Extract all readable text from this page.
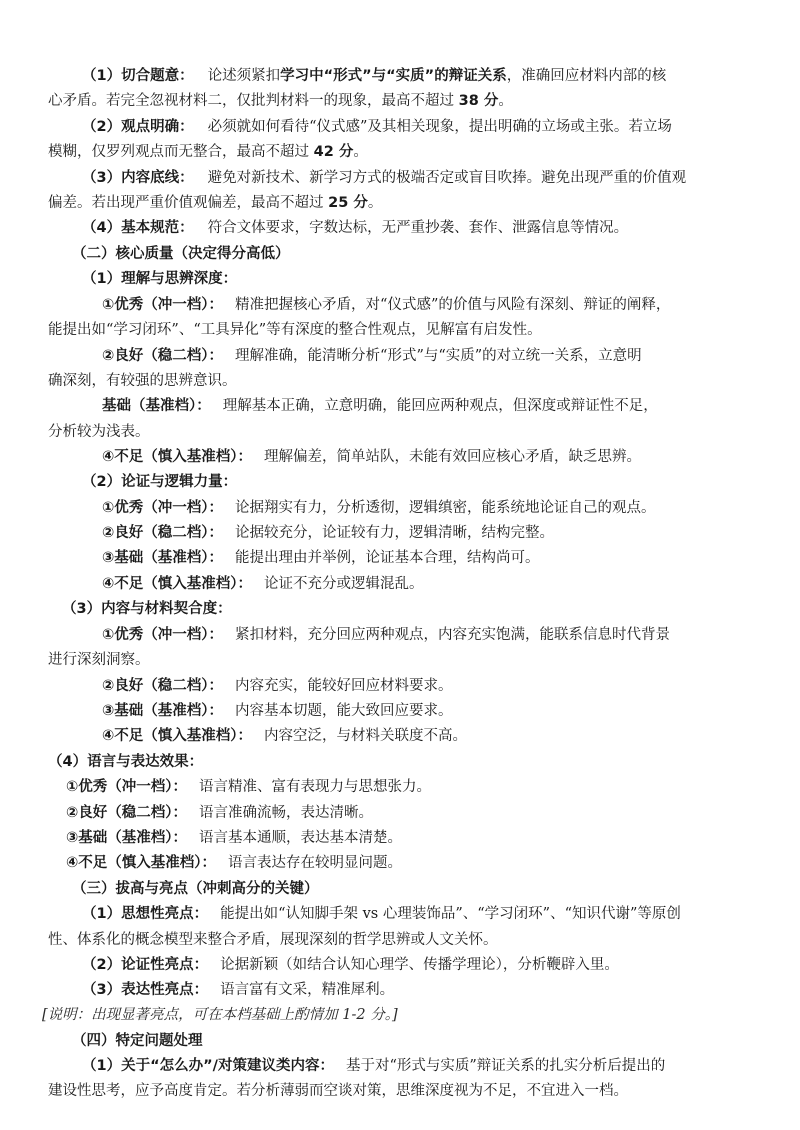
（1）切合题意： 论述须紧扣学习中“形式”与“实质”的辩证关系，准确回应材料内部的核
心矛盾。若完全忽视材料二，仅批判材料一的现象，最高不超过 38 分。
（2）观点明确： 必须就如何看待“仪式感”及其相关现象，提出明确的立场或主张。若立场
模糊，仅罗列观点而无整合，最高不超过 42 分。
（3）内容底线： 避免对新技术、新学习方式的极端否定或盲目吹捧。避免出现严重的价值观
偏差。若出现严重价值观偏差，最高不超过 25 分。
（4）基本规范： 符合文体要求，字数达标，无严重抄袭、套作、泄露信息等情况。
（二）核心质量（决定得分高低）
（1）理解与思辨深度：
①优秀（冲一档）： 精准把握核心矛盾，对“仪式感”的价值与风险有深刻、辩证的阐释，
能提出如“学习闭环”、“工具异化”等有深度的整合性观点，见解富有启发性。
②良好（稳二档）： 理解准确，能清晰分析“形式”与“实质”的对立统一关系，立意明
确深刻，有较强的思辨意识。
基础（基准档）： 理解基本正确，立意明确，能回应两种观点，但深度或辩证性不足，
分析较为浅表。
④不足（慎入基准档）： 理解偏差，简单站队，未能有效回应核心矛盾，缺乏思辨。
（2）论证与逻辑力量：
①优秀（冲一档）： 论据翔实有力，分析透彻，逻辑缜密，能系统地论证自己的观点。
②良好（稳二档）： 论据较充分，论证较有力，逻辑清晰，结构完整。
③基础（基准档）： 能提出理由并举例，论证基本合理，结构尚可。
④不足（慎入基准档）： 论证不充分或逻辑混乱。
（3）内容与材料契合度：
①优秀（冲一档）： 紧扣材料，充分回应两种观点，内容充实饱满，能联系信息时代背景
进行深刻洞察。
②良好（稳二档）： 内容充实，能较好回应材料要求。
③基础（基准档）： 内容基本切题，能大致回应要求。
④不足（慎入基准档）： 内容空泛，与材料关联度不高。
（4）语言与表达效果：
①优秀（冲一档）： 语言精准、富有表现力与思想张力。
②良好（稳二档）： 语言准确流畅，表达清晰。
③基础（基准档）： 语言基本通顺，表达基本清楚。
④不足（慎入基准档）： 语言表达存在较明显问题。
（三）拔高与亮点（冲刺高分的关键）
（1）思想性亮点： 能提出如“认知脚手架 vs 心理装饰品”、“学习闭环”、“知识代谢”等原创
性、体系化的概念模型来整合矛盾，展现深刻的哲学思辨或人文关怀。
（2）论证性亮点： 论据新颖（如结合认知心理学、传播学理论），分析鞭辟入里。
（3）表达性亮点： 语言富有文采，精准犀利。
[说明：出现显著亮点，可在本档基础上酌情加 1-2 分。]
（四）特定问题处理
（1）关于“怎么办”/对策建议类内容： 基于对“形式与实质”辩证关系的扎实分析后提出的
建设性思考，应予高度肯定。若分析薄弱而空谈对策，思维深度视为不足，不宜进入一档。
